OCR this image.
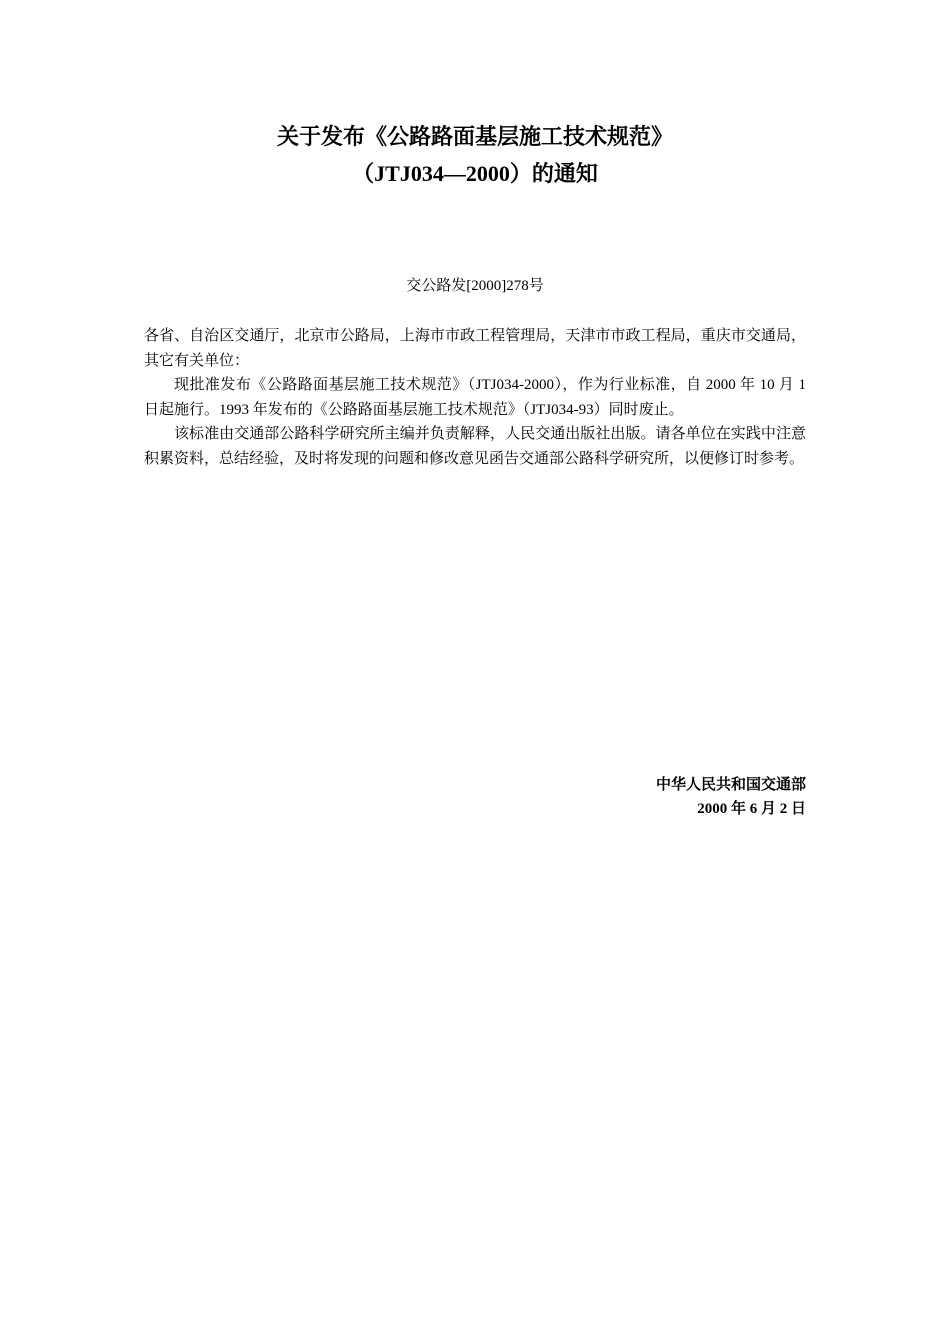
关于发布《公路路面基层施工技术规范》
（JTJ034—2000）的通知
交公路发[2000]278号

各省、自治区交通厅，北京市公路局，上海市市政工程管理局，天津市市政工程局，重庆市交通局，其它有关单位：

现批准发布《公路路面基层施工技术规范》（JTJ034-2000），作为行业标准，自 2000 年 10 月 1 日起施行。1993 年发布的《公路路面基层施工技术规范》（JTJ034-93）同时废止。

该标准由交通部公路科学研究所主编并负责解释，人民交通出版社出版。请各单位在实践中注意积累资料，总结经验，及时将发现的问题和修改意见函告交通部公路科学研究所，以便修订时参考。

中华人民共和国交通部
2000 年 6 月 2 日
